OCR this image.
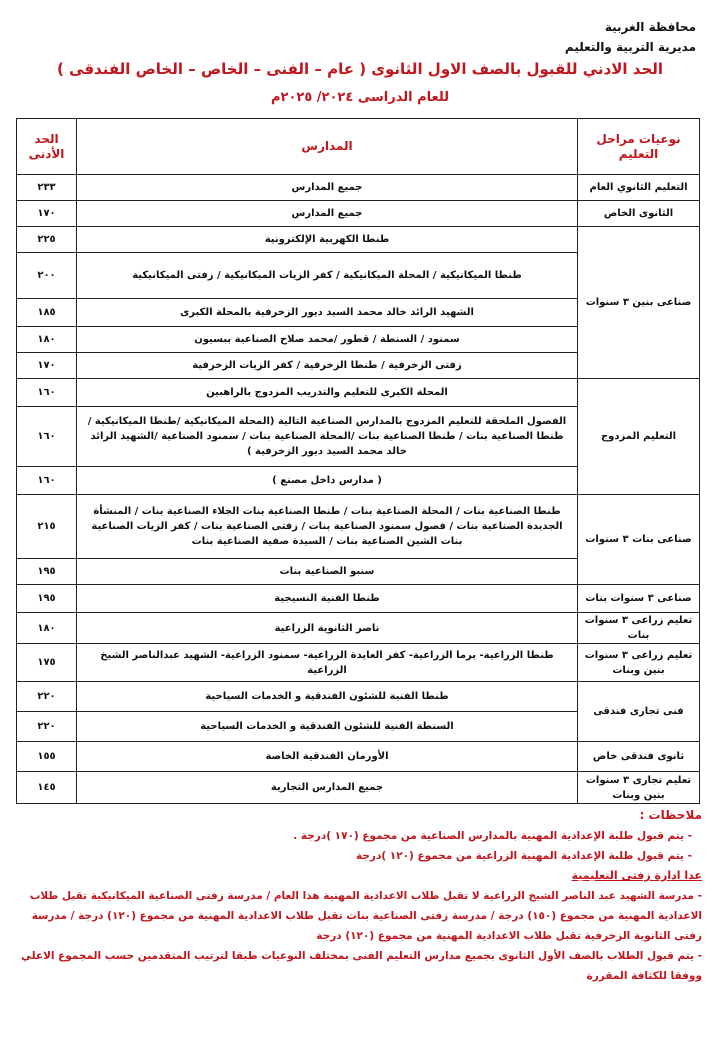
محافظة الغربية
مديرية التربية والتعليم
الحد الادني للقبول بالصف الاول الثانوى ( عام – الفنى – الخاص – الخاص الفندقى )
للعام الدراسى ٢٠٢٤/ ٢٠٢٥م
نوعيات مراحل التعليم	المدارس	الحد
الأدنى
التعليم الثانوي العام	جميع المدارس	٢٣٣
الثانوى الخاص	جميع المدارس	١٧٠
صناعى بنين ٣ سنوات	طنطا الكهربية الإلكترونية	٢٢٥
	طنطا الميكانيكية / المحلة الميكانيكية / كفر الزيات الميكانيكية / زفتى الميكانيكية	٢٠٠
	الشهيد الرائد خالد محمد السيد ديور الزخرفية بالمحلة الكبرى	١٨٥
	سمنود / السنطة / قطور /محمد صلاح الصناعية ببسيون	١٨٠
	زفتى الزخرفية / طنطا الزخرفية / كفر الزيات الزخرفية	١٧٠
التعليم المزدوج	المحلة الكبرى للتعليم والتدريب المزدوج بالراهبين	١٦٠
	الفصول الملحقة للتعليم المزدوج بالمدارس الصناعية التالية (المحلة الميكانيكية /طنطا الميكانيكية / طنطا الصناعية بنات / طنطا الصناعية بنات /المحلة الصناعية بنات / سمنود الصناعية /الشهيد الرائد خالد محمد السيد ديور الزخرفية )	١٦٠
	( مدارس داخل مصنع )	١٦٠
صناعى بنات ٣ سنوات	طنطا الصناعية بنات / المحلة الصناعية بنات / طنطا الصناعية بنات الجلاء الصناعية بنات / المنشأة الجديدة الصناعية بنات / فصول سمنود الصناعية بنات / زفتى الصناعية بنات / كفر الزيات الصناعية بنات الشين الصناعية بنات / السيدة صفية الصناعية بنات	٢١٥
	سنبو الصناعية بنات	١٩٥
صناعى ٣ سنوات بنات	طنطا الفنية النسيجية	١٩٥
تعليم زراعى ٣ سنوات بنات	ناصر الثانوية الزراعية	١٨٠
تعليم زراعى ٣ سنوات بنين وبنات	طنطا الزراعية- برما الزراعية- كفر العايدة الزراعية- سمنود الزراعية- الشهيد عبدالناصر الشيخ الزراعية	١٧٥
فنى تجارى فندقى	طنطا الفنية للشئون الفندقية و الخدمات السياحية	٢٢٠
	السنطة الفنية للشئون الفندقية و الخدمات السياحية	٢٢٠
ثانوى فندقى خاص	الأورمان الفندقية الخاصة	١٥٥
تعليم تجارى ٣ سنوات بنين وبنات	جميع المدارس التجارية	١٤٥

ملاحظات :

- يتم قبول طلبة الإعدادية المهنية بالمدارس الصناعية من مجموع (١٧٠ )درجة .

- يتم قبول طلبة الإعدادية المهنية الزراعية من مجموع (١٢٠ )درجة

عدا ادارة زفتى التعليمية

- مدرسة الشهيد عبد الناصر الشيخ الزراعية لا تقبل طلاب الاعدادية المهنية هذا العام / مدرسة زفتى الصناعية الميكانيكية تقبل طلاب الاعدادية المهنية من مجموع (١٥٠) درجة / مدرسة زفتى الصناعية بنات تقبل طلاب الاعدادية المهنية من مجموع (١٢٠) درجة / مدرسة زفتى الثانوية الزخرفية تقبل طلاب الاعدادية المهنية من مجموع (١٢٠) درجة

- يتم قبول الطلاب بالصف الأول الثانوى بجميع مدارس التعليم الفنى بمختلف النوعيات طبقا لترتيب المتقدمين حسب المجموع الاعلي ووفقا للكثافة المقررة
